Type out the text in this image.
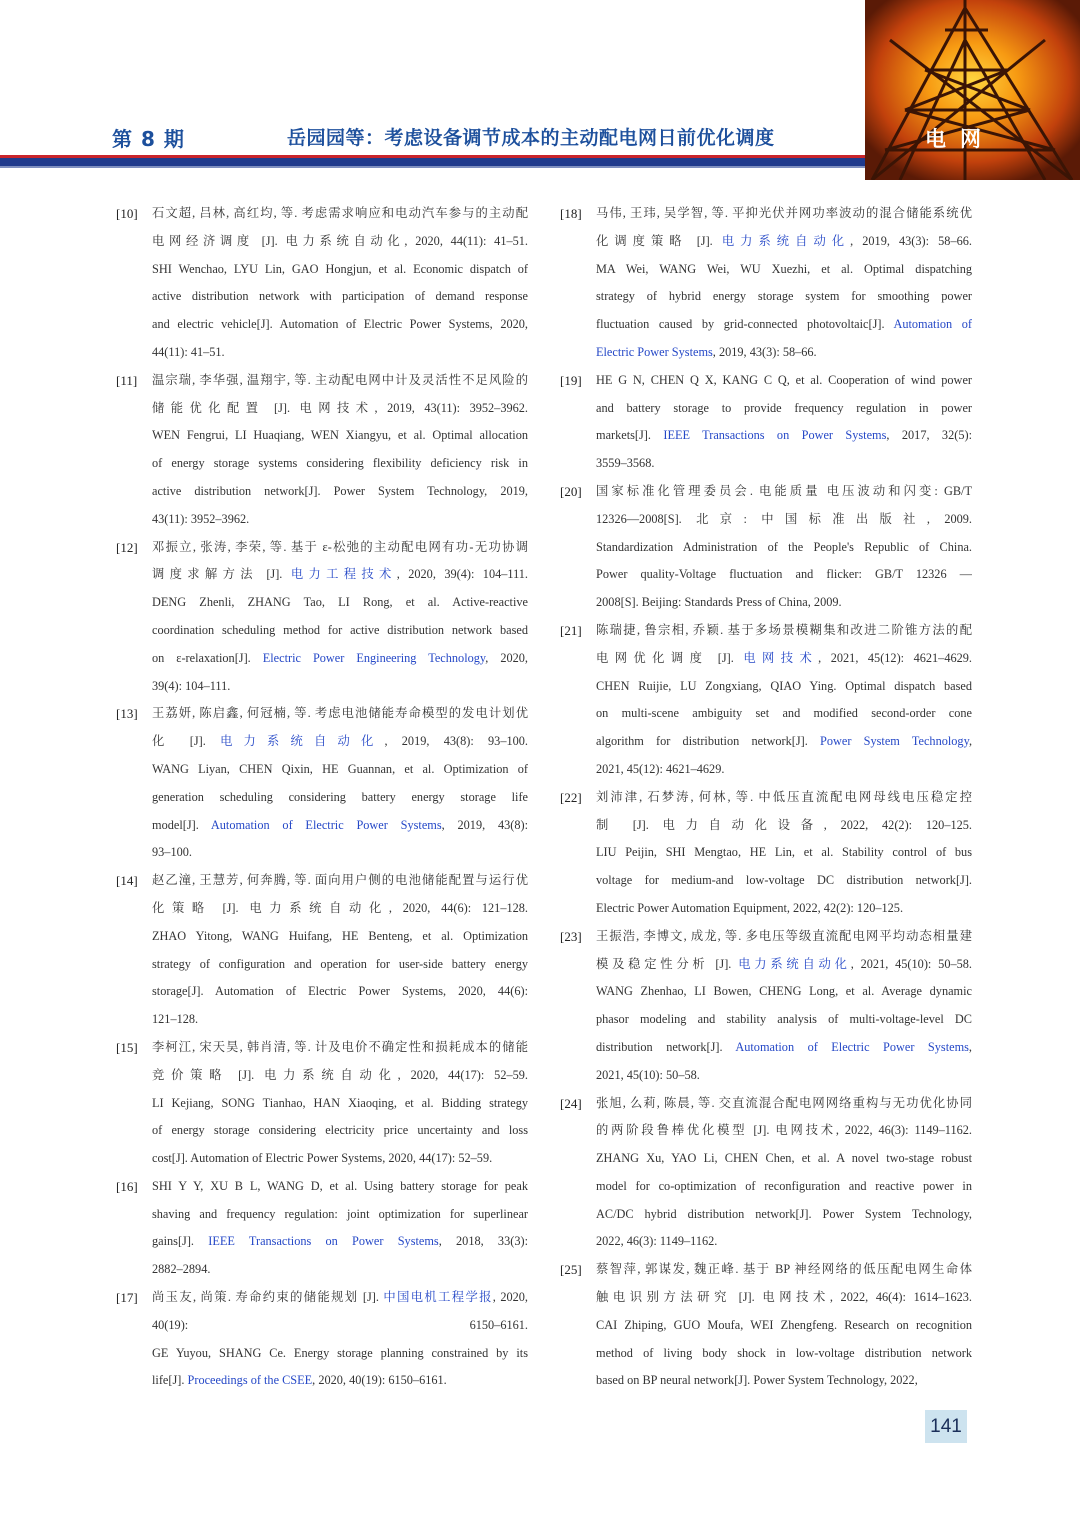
第 8 期	岳园园等：考虑设备调节成本的主动配电网日前优化调度	电网
[10] 石文超, 吕林, 高红均, 等. 考虑需求响应和电动汽车参与的主动配
电网经济调度 [J]. 电力系统自动化, 2020, 44(11): 41–51.
SHI Wenchao, LYU Lin, GAO Hongjun, et al. Economic dispatch of
active distribution network with participation of demand response
and electric vehicle[J]. Automation of Electric Power Systems, 2020,
44(11): 41–51.
[11] 温宗瑞, 李华强, 温翔宇, 等. 主动配电网中计及灵活性不足风险的
储能优化配置 [J]. 电网技术, 2019, 43(11): 3952–3962.
WEN Fengrui, LI Huaqiang, WEN Xiangyu, et al. Optimal allocation
of energy storage systems considering flexibility deficiency risk in
active distribution network[J]. Power System Technology, 2019,
43(11): 3952–3962.
[12] 邓振立, 张涛, 李荣, 等. 基于 ε-松弛的主动配电网有功-无功协调
调度求解方法 [J]. 电力工程技术, 2020, 39(4): 104–111.
DENG Zhenli, ZHANG Tao, LI Rong, et al. Active-reactive
coordination scheduling method for active distribution network based
on ε-relaxation[J]. Electric Power Engineering Technology, 2020,
39(4): 104–111.
[13] 王荔妍, 陈启鑫, 何冠楠, 等. 考虑电池储能寿命模型的发电计划优
化 [J]. 电力系统自动化, 2019, 43(8): 93–100.
WANG Liyan, CHEN Qixin, HE Guannan, et al. Optimization of
generation scheduling considering battery energy storage life
model[J]. Automation of Electric Power Systems, 2019, 43(8):
93–100.
[14] 赵乙潼, 王慧芳, 何奔腾, 等. 面向用户侧的电池储能配置与运行优
化策略 [J]. 电力系统自动化, 2020, 44(6): 121–128.
ZHAO Yitong, WANG Huifang, HE Benteng, et al. Optimization
strategy of configuration and operation for user-side battery energy
storage[J]. Automation of Electric Power Systems, 2020, 44(6):
121–128.
[15] 李柯江, 宋天昊, 韩肖清, 等. 计及电价不确定性和损耗成本的储能
竞价策略 [J]. 电力系统自动化, 2020, 44(17): 52–59.
LI Kejiang, SONG Tianhao, HAN Xiaoqing, et al. Bidding strategy
of energy storage considering electricity price uncertainty and loss
cost[J]. Automation of Electric Power Systems, 2020, 44(17): 52–59.
[16] SHI Y Y, XU B L, WANG D, et al. Using battery storage for peak
shaving and frequency regulation: joint optimization for superlinear
gains[J]. IEEE Transactions on Power Systems, 2018, 33(3):
2882–2894.
[17] 尚玉友, 尚策. 寿命约束的储能规划 [J]. 中国电机工程学报, 2020,
40(19): 6150–6161.
GE Yuyou, SHANG Ce. Energy storage planning constrained by its
life[J]. Proceedings of the CSEE, 2020, 40(19): 6150–6161.
[18] 马伟, 王玮, 吴学智, 等. 平抑光伏并网功率波动的混合储能系统优
化调度策略 [J]. 电力系统自动化, 2019, 43(3): 58–66.
MA Wei, WANG Wei, WU Xuezhi, et al. Optimal dispatching
strategy of hybrid energy storage system for smoothing power
fluctuation caused by grid-connected photovoltaic[J]. Automation of
Electric Power Systems, 2019, 43(3): 58–66.
[19] HE G N, CHEN Q X, KANG C Q, et al. Cooperation of wind power
and battery storage to provide frequency regulation in power
markets[J]. IEEE Transactions on Power Systems, 2017, 32(5):
3559–3568.
[20] 国家标准化管理委员会. 电能质量 电压波动和闪变: GB/T
12326—2008[S]. 北京: 中国标准出版社, 2009.
Standardization Administration of the People's Republic of China.
Power quality-Voltage fluctuation and flicker: GB/T 12326 —
2008[S]. Beijing: Standards Press of China, 2009.
[21] 陈瑞捷, 鲁宗相, 乔颖. 基于多场景模糊集和改进二阶锥方法的配
电网优化调度 [J]. 电网技术, 2021, 45(12): 4621–4629.
CHEN Ruijie, LU Zongxiang, QIAO Ying. Optimal dispatch based
on multi-scene ambiguity set and modified second-order cone
algorithm for distribution network[J]. Power System Technology,
2021, 45(12): 4621–4629.
[22] 刘沛津, 石梦涛, 何林, 等. 中低压直流配电网母线电压稳定控
制 [J]. 电力自动化设备, 2022, 42(2): 120–125.
LIU Peijin, SHI Mengtao, HE Lin, et al. Stability control of bus
voltage for medium-and low-voltage DC distribution network[J].
Electric Power Automation Equipment, 2022, 42(2): 120–125.
[23] 王振浩, 李博文, 成龙, 等. 多电压等级直流配电网平均动态相量建
模及稳定性分析 [J]. 电力系统自动化, 2021, 45(10): 50–58.
WANG Zhenhao, LI Bowen, CHENG Long, et al. Average dynamic
phasor modeling and stability analysis of multi-voltage-level DC
distribution network[J]. Automation of Electric Power Systems,
2021, 45(10): 50–58.
[24] 张旭, 么莉, 陈晨, 等. 交直流混合配电网网络重构与无功优化协同
的两阶段鲁棒优化模型 [J]. 电网技术, 2022, 46(3): 1149–1162.
ZHANG Xu, YAO Li, CHEN Chen, et al. A novel two-stage robust
model for co-optimization of reconfiguration and reactive power in
AC/DC hybrid distribution network[J]. Power System Technology,
2022, 46(3): 1149–1162.
[25] 蔡智萍, 郭谋发, 魏正峰. 基于 BP 神经网络的低压配电网生命体
触电识别方法研究 [J]. 电网技术, 2022, 46(4): 1614–1623.
CAI Zhiping, GUO Moufa, WEI Zhengfeng. Research on recognition
method of living body shock in low-voltage distribution network
based on BP neural network[J]. Power System Technology, 2022,
141
